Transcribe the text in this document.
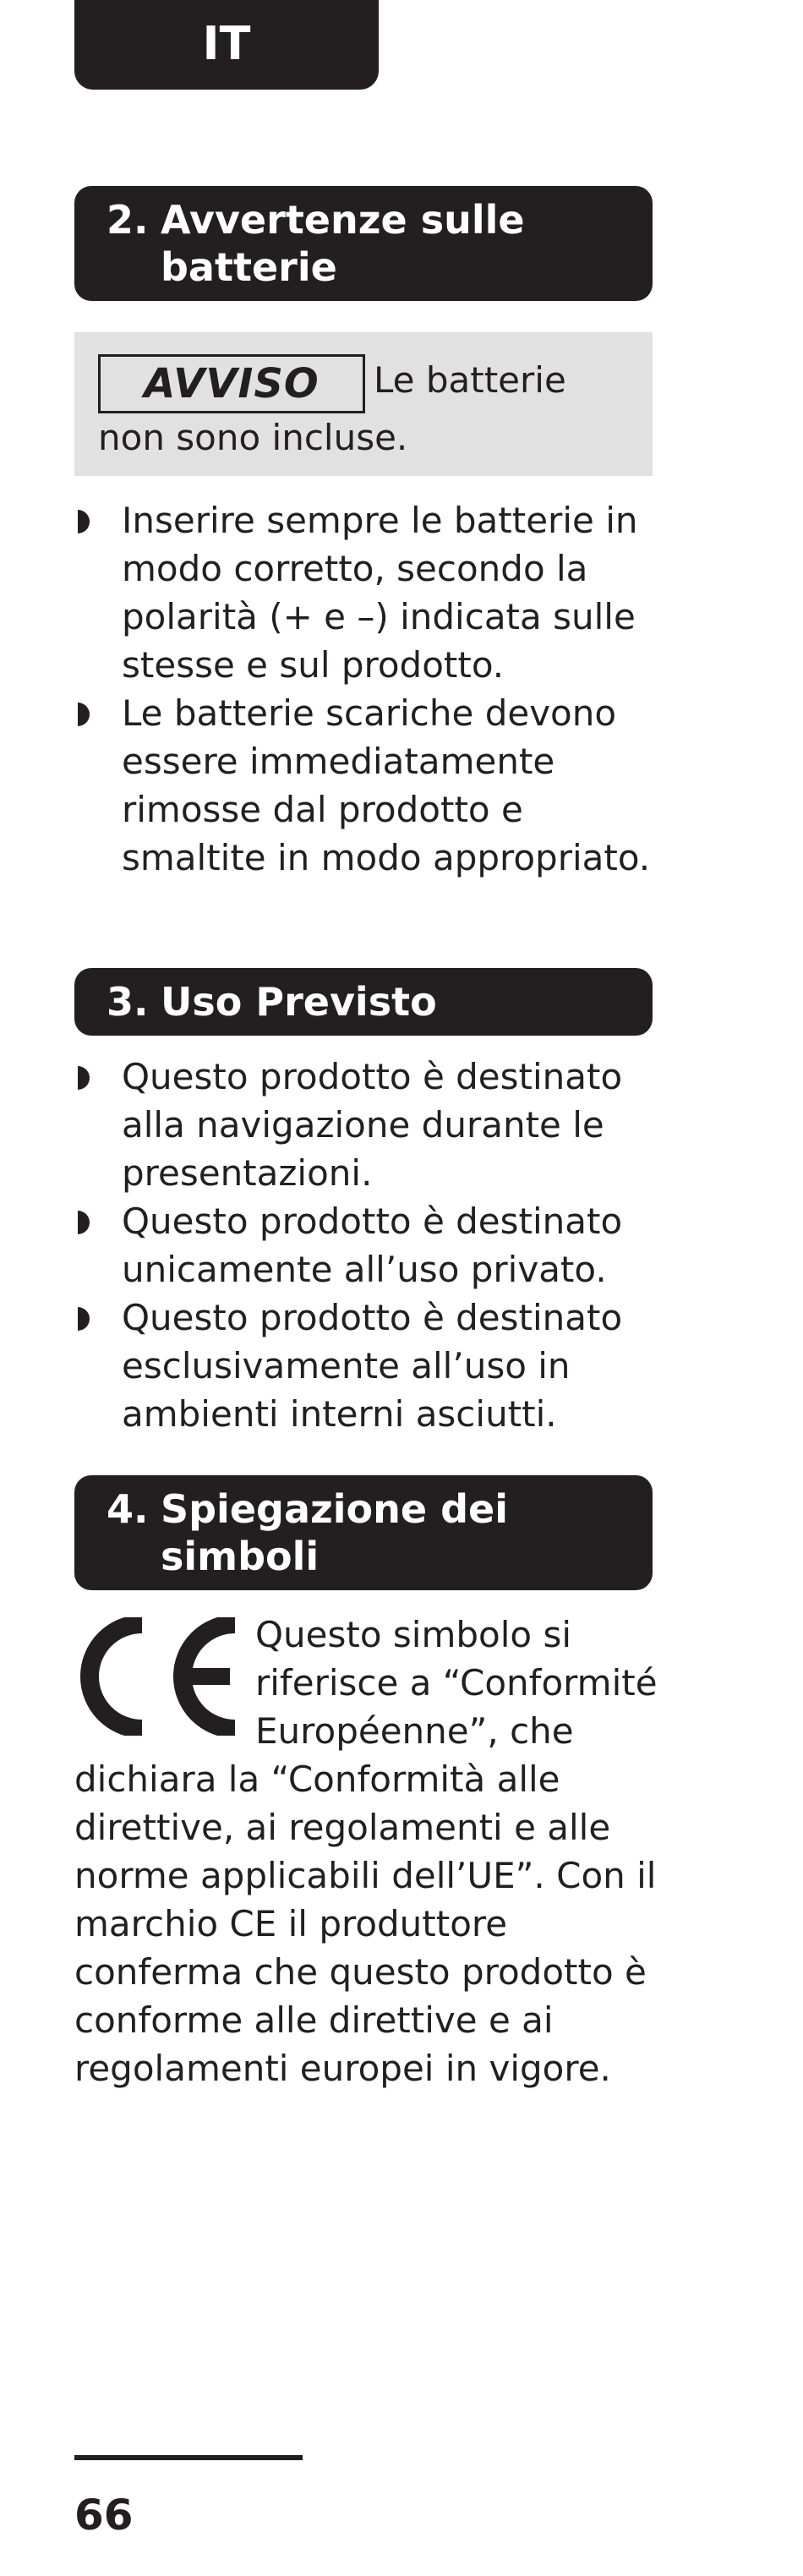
IT
2. Avvertenze sulle batterie
AVVISO Le batterie non sono incluse.
Inserire sempre le batterie in modo corretto, secondo la polarità (+ e –) indicata sulle stesse e sul prodotto.
Le batterie scariche devono essere immediatamente rimosse dal prodotto e smaltite in modo appropriato.
3. Uso Previsto
Questo prodotto è destinato alla navigazione durante le presentazioni.
Questo prodotto è destinato unicamente all’uso privato.
Questo prodotto è destinato esclusivamente all’uso in ambienti interni asciutti.
4. Spiegazione dei simboli
Questo simbolo si riferisce a “Conformité Européenne”, che dichiara la “Conformità alle direttive, ai regolamenti e alle norme applicabili dell’UE”. Con il marchio CE il produttore conferma che questo prodotto è conforme alle direttive e ai regolamenti europei in vigore.
66
